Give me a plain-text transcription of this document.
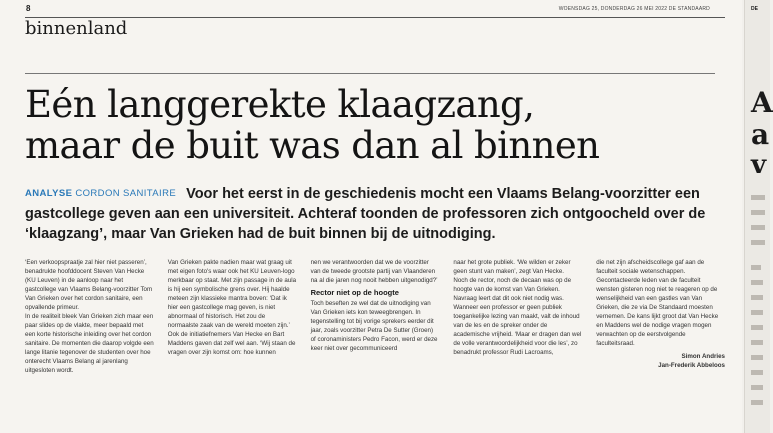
8	WOENSDAG 25, DONDERDAG 26 MEI 2022 DE STANDAARD
binnenland
Eén langgerekte klaagzang,
maar de buit was dan al binnen
ANALYSE CORDON SANITAIRE Voor het eerst in de geschiedenis mocht een Vlaams Belang-voorzitter een gastcollege geven aan een universiteit. Achteraf toonden de professoren zich ontgoocheld over de ‘klaagzang’, maar Van Grieken had de buit binnen bij de uitnodiging.

‘Een verkoopspraatje zal hier niet passeren’, benadrukte hoofddocent Steven Van Hecke (KU Leuven) in de aanloop naar het gastcollege van Vlaams Belang-voorzitter Tom Van Grieken over het cordon sanitaire, een opvallende primeur.

In de realiteit bleek Van Grieken zich maar een paar slides op de vlakte, meer bepaald met een korte historische inleiding over het cordon sanitaire. De momenten die daarop volgde een lange litanie tegenover de studenten over hoe onterecht Vlaams Belang al jarenlang uitgesloten wordt.

Van Grieken pakte nadien maar wat graag uit met eigen foto's waar ook het KU Leuven-logo merkbaar op staat. Met zijn passage in de aula is hij een symbolische grens over. Hij haalde meteen zijn klassieke mantra boven: ‘Dat ik hier een gastcollege mag geven, is niet abnormaal of historisch. Het zou de normaalste zaak van de wereld moeten zijn.’

Ook de initiatiefnemers Van Hecke en Bart Maddens gaven dat zelf wel aan. ‘Wij staan de vragen over zijn komst om: hoe kunnen

nen we verantwoorden dat we de voorzitter van de tweede grootste partij van Vlaanderen na al die jaren nog nooit hebben uitgenodigd?’

Rector niet op de hoogte

Toch beseften ze wel dat de uitnodiging van Van Grieken iets kon teweegbrengen. In tegenstelling tot bij vorige sprekers eerder dit jaar, zoals voorzitter Petra De Sutter (Groen) of coronaministers Pedro Facon, werd er deze keer niet over gecommuniceerd

naar het grote publiek. ‘We wilden er zeker geen stunt van maken’, zegt Van Hecke.

Noch de rector, noch de decaan was op de hoogte van de komst van Van Grieken. Navraag leert dat dit ook niet nodig was. Wanneer een professor er geen publiek toegankelijke lezing van maakt, valt de inhoud van de les en de spreker onder de academische vrijheid. ‘Maar er dragen dan wel de volle verantwoordelijkheid voor die les’, zo benadrukt professor Rudi Lacroams,

die net zijn afscheidscollege gaf aan de faculteit sociale wetenschappen.

Gecontacteerde leden van de faculteit wensten gisteren nog niet te reageren op de wenselijkheid van een gastles van Van Grieken, die ze via De Standaard moesten vernemen. De kans lijkt groot dat Van Hecke en Maddens wel de nodige vragen mogen verwachten op de eerstvolgende faculteitsraad.

Simon Andries
Jan-Frederik Abbeloos
DE
A
a
v
